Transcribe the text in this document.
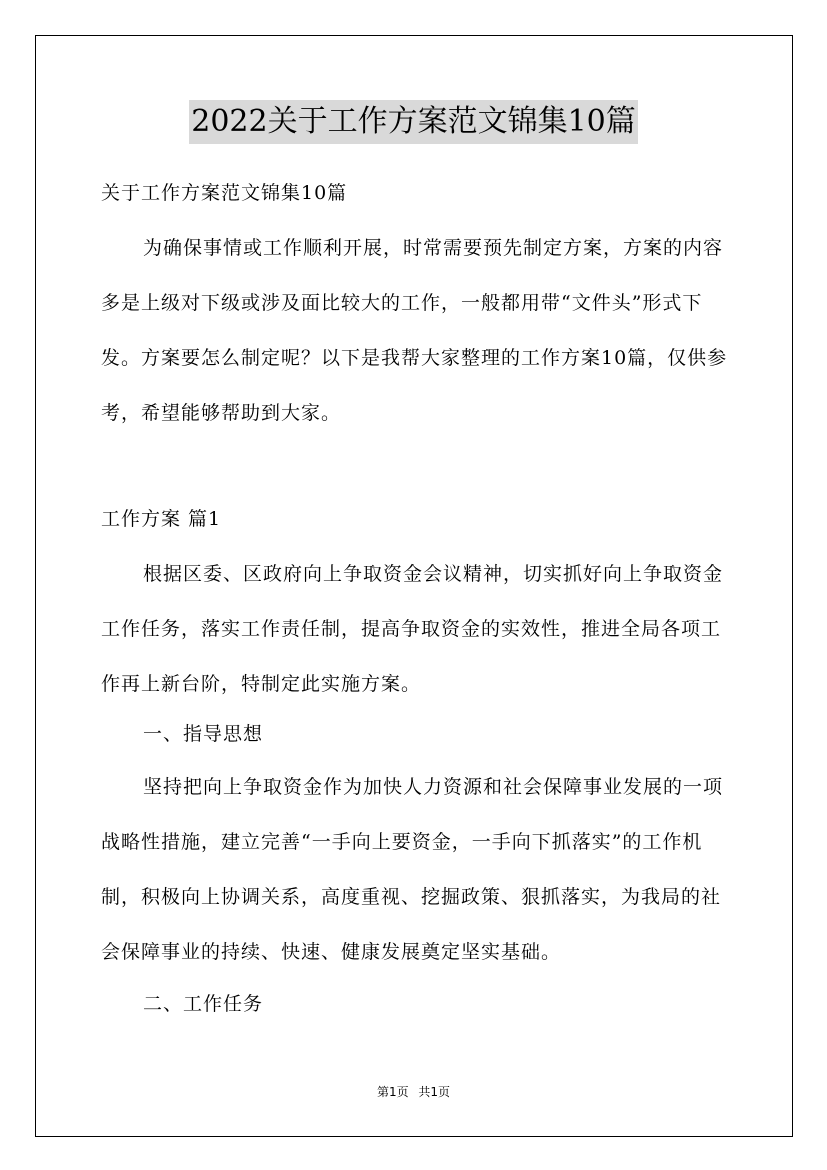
2022关于工作方案范文锦集10篇

关于工作方案范文锦集10篇

为确保事情或工作顺利开展，时常需要预先制定方案，方案的内容多是上级对下级或涉及面比较大的工作，一般都用带“文件头”形式下发。方案要怎么制定呢？以下是我帮大家整理的工作方案10篇，仅供参考，希望能够帮助到大家。

工作方案 篇1

根据区委、区政府向上争取资金会议精神，切实抓好向上争取资金工作任务，落实工作责任制，提高争取资金的实效性，推进全局各项工作再上新台阶，特制定此实施方案。

一、指导思想

坚持把向上争取资金作为加快人力资源和社会保障事业发展的一项战略性措施，建立完善“一手向上要资金，一手向下抓落实”的工作机制，积极向上协调关系，高度重视、挖掘政策、狠抓落实，为我局的社会保障事业的持续、快速、健康发展奠定坚实基础。

二、工作任务

第1页 共1页
